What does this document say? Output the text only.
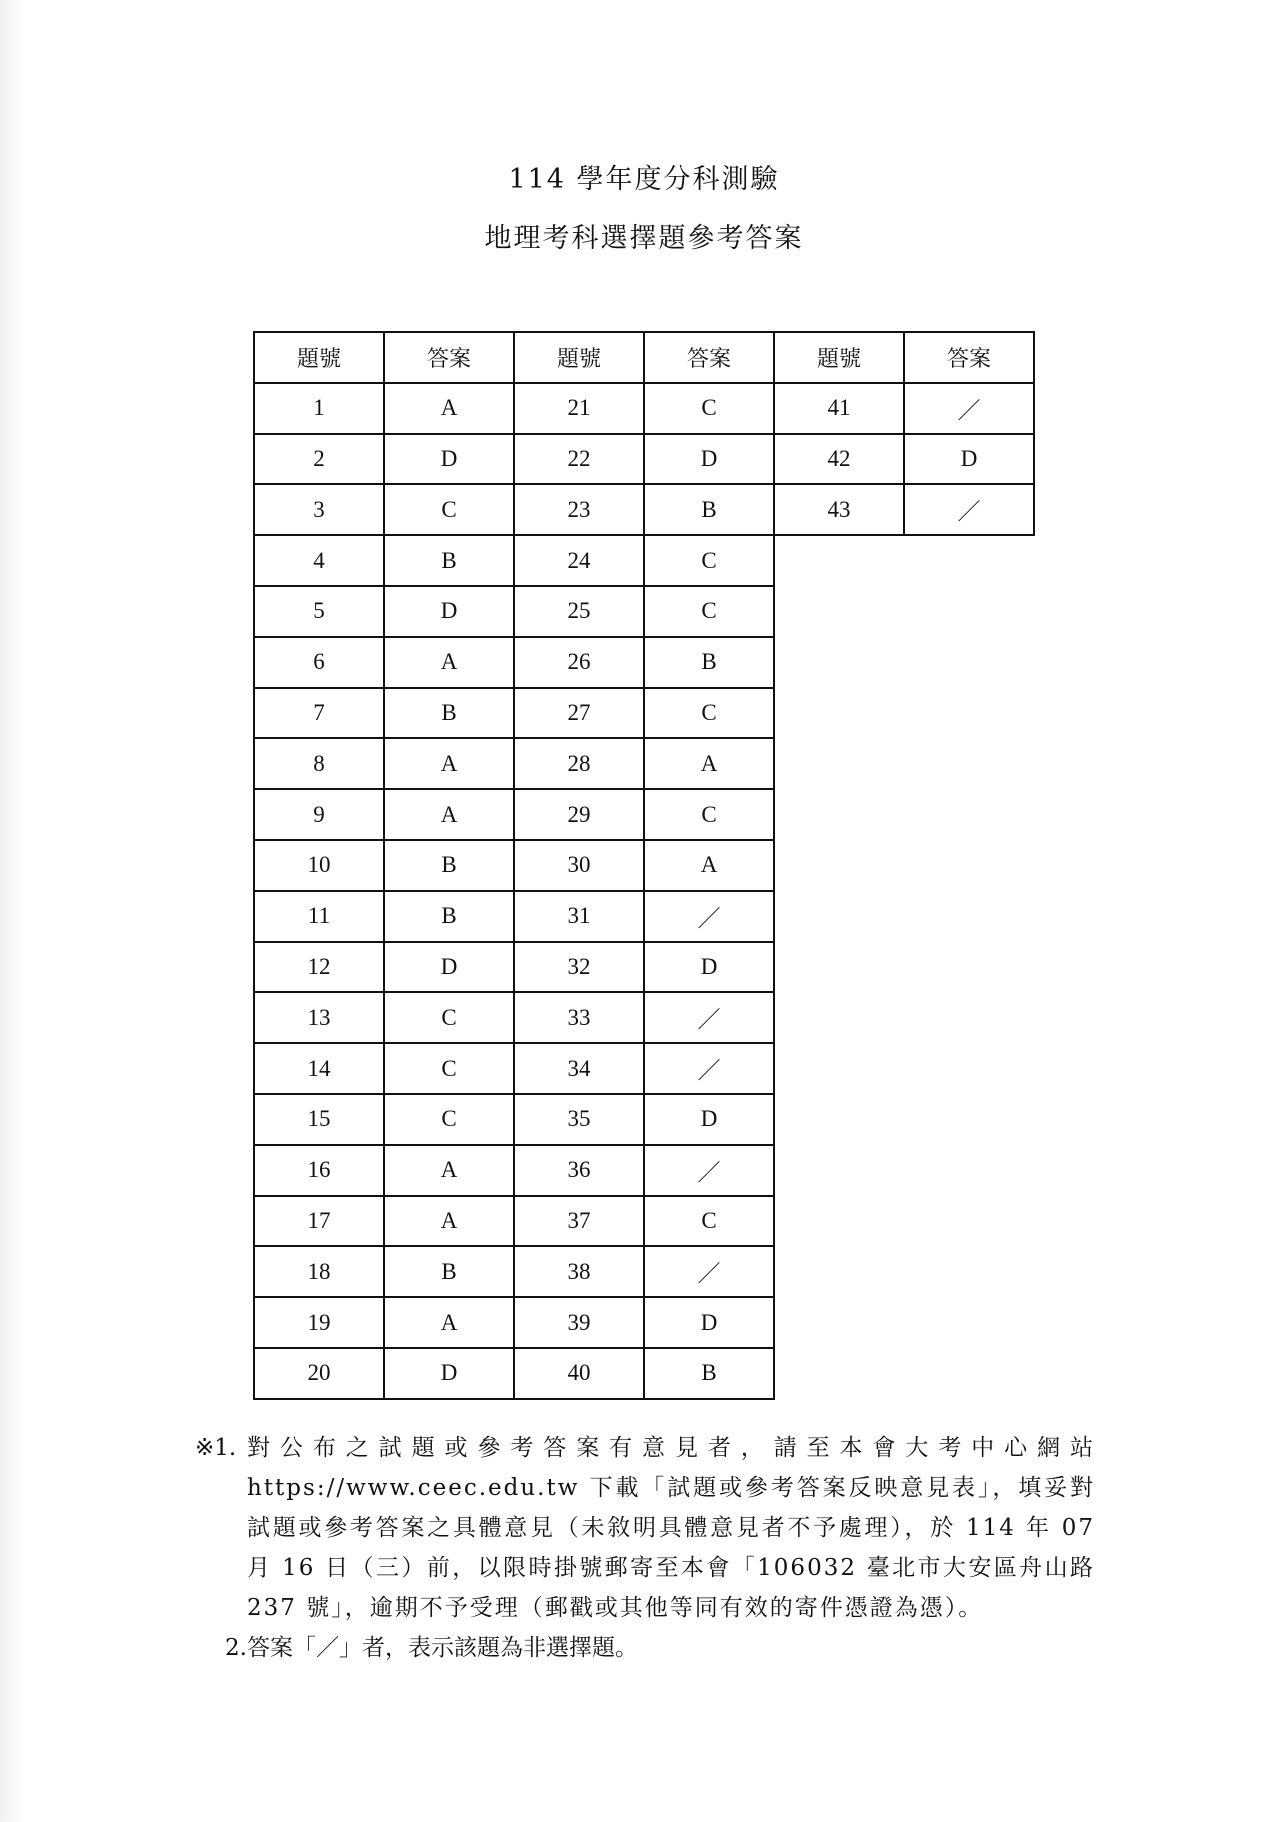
114 學年度分科測驗
地理考科選擇題參考答案
題號	答案	題號	答案	題號	答案
1	A	21	C	41	／
2	D	22	D	42	D
3	C	23	B	43	／
4	B	24	C		
5	D	25	C		
6	A	26	B		
7	B	27	C		
8	A	28	A		
9	A	29	C		
10	B	30	A		
11	B	31	／		
12	D	32	D		
13	C	33	／		
14	C	34	／		
15	C	35	D		
16	A	36	／		
17	A	37	C		
18	B	38	／		
19	A	39	D		
20	D	40	B		
※1. 對公布之試題或參考答案有意見者，請至本會大考中心網站 https://www.ceec.edu.tw 下載「試題或參考答案反映意見表」，填妥對試題或參考答案之具體意見（未敘明具體意見者不予處理），於 114 年 07 月 16 日（三）前，以限時掛號郵寄至本會「106032 臺北市大安區舟山路 237 號」，逾期不予受理（郵戳或其他等同有效的寄件憑證為憑）。
2. 答案「／」者，表示該題為非選擇題。
